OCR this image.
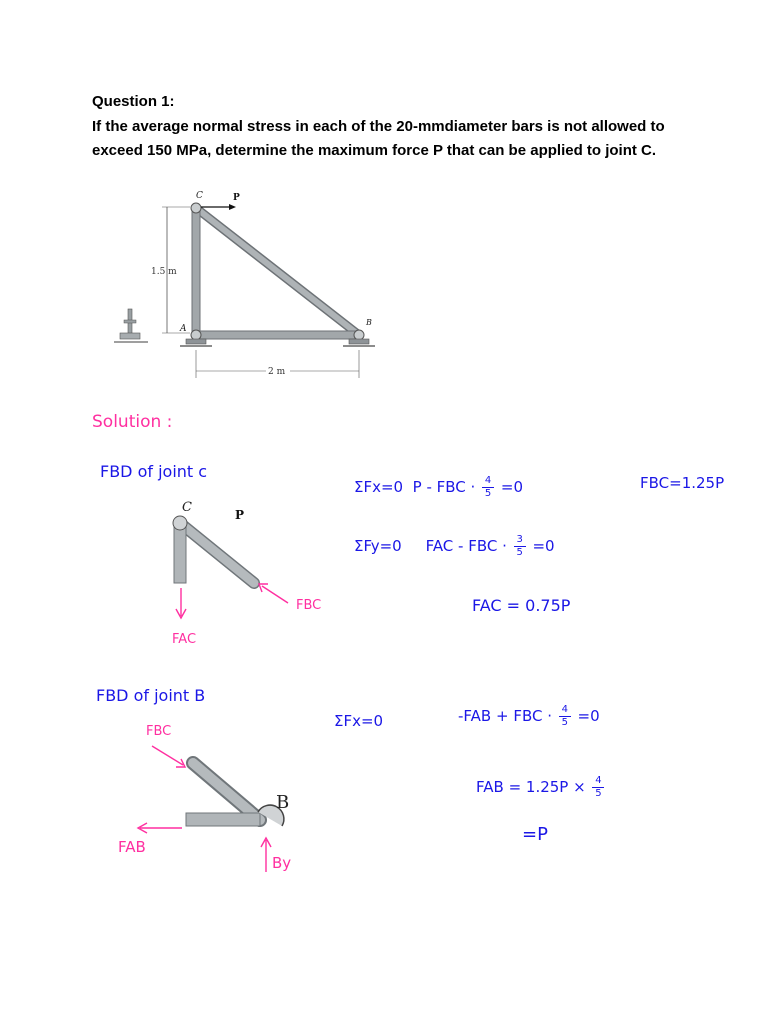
Question 1:

If the average normal stress in each of the 20-mmdiameter bars is not allowed to

exceed 150 MPa, determine the maximum force P that can be applied to joint C.

1.5 m
C	P
A
B
2 m
Solution :
FBD of joint c
C	P
FBC
FAC
ΣFx=0 P - FBC · $\frac{4}{5} =0$	FBC=1.25P
ΣFy=0 FAC - FBC · $\frac{3}{5} =0$
FAC = 0.75P
FBD of joint B
B
FBC
FAB
By
ΣFx=0	-FAB + FBC · $\frac{4}{5} =0$
FAB = $1.25P \times \frac{4}{5}$
=P
